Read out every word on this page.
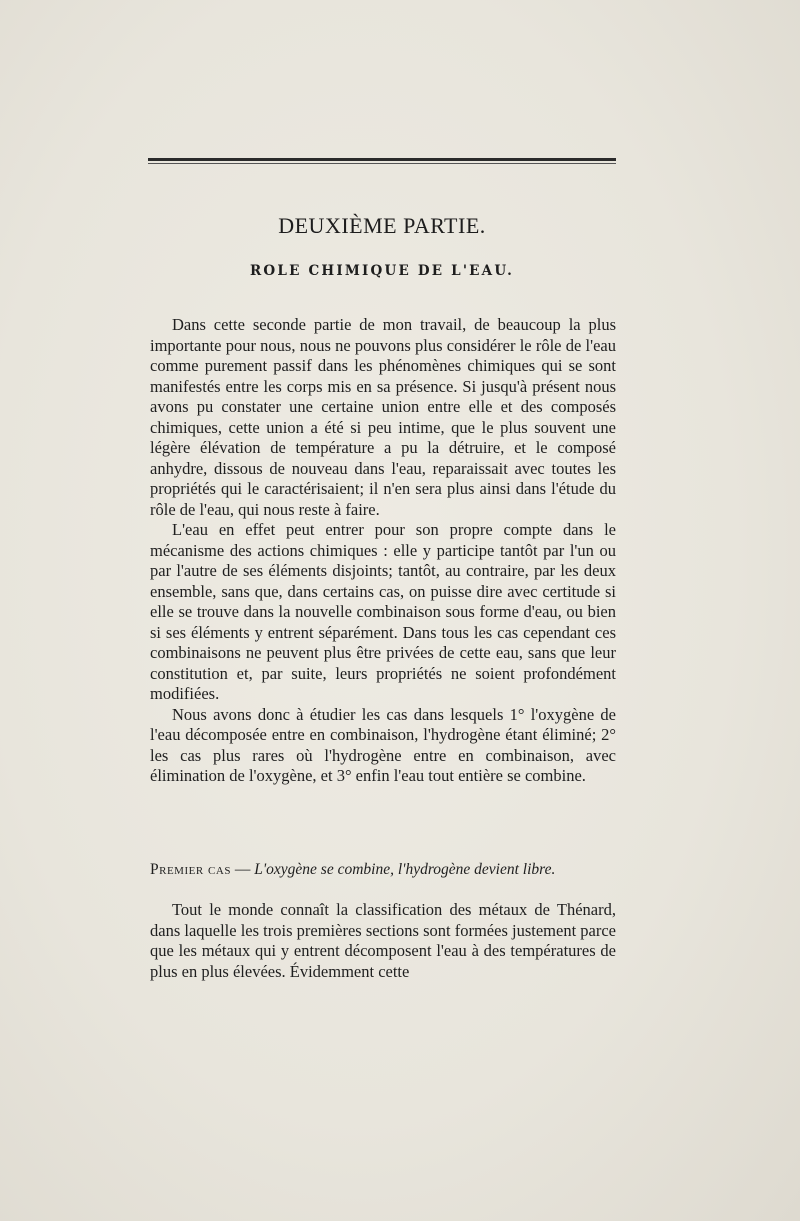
DEUXIÈME PARTIE.
ROLE CHIMIQUE DE L'EAU.

Dans cette seconde partie de mon travail, de beaucoup la plus importante pour nous, nous ne pouvons plus considérer le rôle de l'eau comme purement passif dans les phénomènes chimiques qui se sont manifestés entre les corps mis en sa présence. Si jusqu'à présent nous avons pu constater une certaine union entre elle et des composés chimiques, cette union a été si peu intime, que le plus souvent une légère élévation de température a pu la détruire, et le composé anhydre, dissous de nouveau dans l'eau, reparaissait avec toutes les propriétés qui le caractérisaient; il n'en sera plus ainsi dans l'étude du rôle de l'eau, qui nous reste à faire.

L'eau en effet peut entrer pour son propre compte dans le mécanisme des actions chimiques : elle y participe tantôt par l'un ou par l'autre de ses éléments disjoints; tantôt, au contraire, par les deux ensemble, sans que, dans certains cas, on puisse dire avec certitude si elle se trouve dans la nouvelle combinaison sous forme d'eau, ou bien si ses éléments y entrent séparément. Dans tous les cas cependant ces combinaisons ne peuvent plus être privées de cette eau, sans que leur constitution et, par suite, leurs propriétés ne soient profondément modifiées.

Nous avons donc à étudier les cas dans lesquels 1° l'oxygène de l'eau décomposée entre en combinaison, l'hydrogène étant éliminé; 2° les cas plus rares où l'hydrogène entre en combinaison, avec élimination de l'oxygène, et 3° enfin l'eau tout entière se combine.

Premier cas — L'oxygène se combine, l'hydrogène devient libre.

Tout le monde connaît la classification des métaux de Thénard, dans laquelle les trois premières sections sont formées justement parce que les métaux qui y entrent décomposent l'eau à des températures de plus en plus élevées. Évidemment cette
